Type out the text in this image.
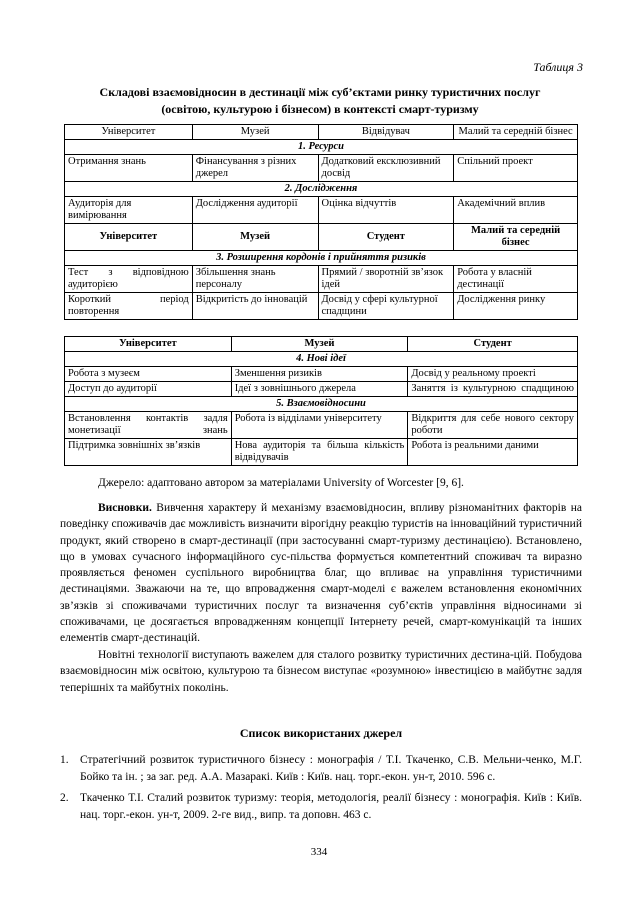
Таблиця 3
Складові взаємовідносин в дестинації між суб’єктами ринку туристичних послуг
(освітою, культурою і бізнесом) в контексті смарт-туризму
Університет	Музей	Відвідувач	Малий та середній бізнес
1. Ресурси			
Отримання знань	Фінансування з різних джерел	Додатковий ексклюзивний досвід	Спільний проект
2. Дослідження			
Аудиторія для вимірювання	Дослідження аудиторії	Оцінка відчуттів	Академічний вплив
Університет	Музей	Студент	Малий та середній бізнес
3. Розширення кордонів і прийняття ризиків			
Тест з відповідною аудиторією	Збільшення знань персоналу	Прямий / зворотній зв’язок ідей	Робота у власній дестинації
Короткий період повторення	Відкритість до інновацій	Досвід у сфері культурної спадщини	Дослідження ринку
Університет	Музей	Студент
4. Нові ідеї		
Робота з музеєм	Зменшення ризиків	Досвід у реальному проекті
Доступ до аудиторії	Ідеї з зовнішнього джерела	Заняття із культурною спадщиною
5. Взаємовідносини		
Встановлення контактів задля монетизації знань	Робота із відділами університету	Відкриття для себе нового сектору роботи
Підтримка зовнішніх зв’язків	Нова аудиторія та більша кількість відвідувачів	Робота із реальними даними
Джерело: адаптовано автором за матеріалами University of Worcester [9, 6].

Висновки. Вивчення характеру й механізму взаємовідносин, впливу різноманітних факторів на поведінку споживачів дає можливість визначити вірогідну реакцію туристів на інноваційний туристичний продукт, який створено в смарт-дестинації (при застосуванні смарт-туризму дестинацією). Встановлено, що в умовах сучасного інформаційного сус-пільства формується компетентний споживач та виразно проявляється феномен суспільного виробництва благ, що впливає на управління туристичними дестинаціями. Зважаючи на те, що впровадження смарт-моделі є важелем встановлення економічних зв’язків зі споживачами туристичних послуг та визначення суб’єктів управління відносинами зі споживачами, це досягається впровадженням концепції Інтернету речей, смарт-комунікацій та інших елементів смарт-дестинацій.

Новітні технології виступають важелем для сталого розвитку туристичних дестина-цій. Побудова взаємовідносин між освітою, культурою та бізнесом виступає «розумною» інвестицією в майбутнє задля теперішніх та майбутніх поколінь.

Список використаних джерел
1. Стратегічний розвиток туристичного бізнесу : монографія / Т.І. Ткаченко, С.В. Мельни-ченко, М.Г. Бойко та ін. ; за заг. ред. А.А. Мазаракі. Київ : Київ. нац. торг.-екон. ун-т, 2010. 596 с.
2. Ткаченко Т.І. Сталий розвиток туризму: теорія, методологія, реалії бізнесу : монографія. Київ : Київ. нац. торг.-екон. ун-т, 2009. 2-ге вид., випр. та доповн. 463 с.
334
